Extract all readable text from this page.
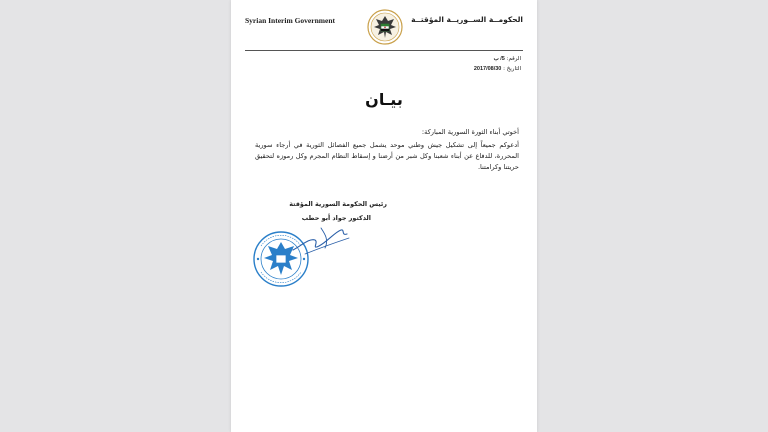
Syrian Interim Government	الحكومــة الســوريــة المؤقتــة
الرقم: 5/ ب
التاريخ : 2017/08/30
بيـان
أخوتي أبناء الثورة السورية المباركة:
أدعوكم جميعاً إلى تشكيل جيش وطني موحد يشمل جميع الفصائل الثورية في أرجاء سورية المحررة، للدفاع عن أبناء شعبنا وكل شبر من أرضنا و إسقاط النظام المجرم وكل رموزه لتحقيق حريتنا وكرامتنا.
رئيس الحكومة السورية المؤقتة
الدكتور جواد أبو حطب
